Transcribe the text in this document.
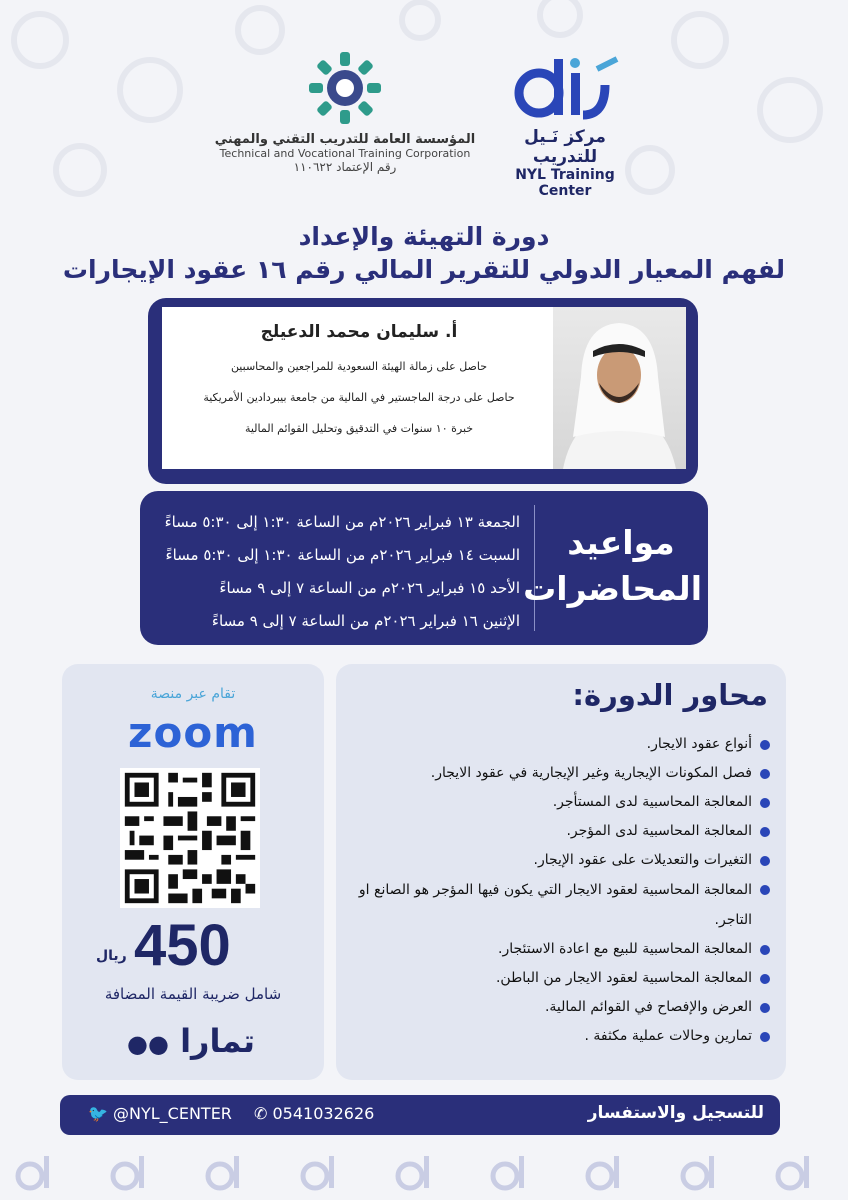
مركز نَـيل للتدريب
NYL Training Center
المؤسسة العامة للتدريب التقني والمهني
Technical and Vocational Training Corporation
رقم الإعتماد ١١٠٦٢٢
دورة التهيئة والإعداد
لفهم المعيار الدولي للتقرير المالي رقم ١٦ عقود الإيجارات
أ. سليمان محمد الدعيلج
حاصل على زمالة الهيئة السعودية للمراجعين والمحاسبين
حاصل على درجة الماجستير في المالية من جامعة بيبردادين الأمريكية
خبرة ١٠ سنوات في التدقيق وتحليل القوائم المالية
مواعيد
المحاضرات
الجمعة ١٣ فبراير ٢٠٢٦م من الساعة ١:٣٠ إلى ٥:٣٠ مساءً
السبت ١٤ فبراير ٢٠٢٦م من الساعة ١:٣٠ إلى ٥:٣٠ مساءً
الأحد ١٥ فبراير ٢٠٢٦م من الساعة ٧ إلى ٩ مساءً
الإثنين ١٦ فبراير ٢٠٢٦م من الساعة ٧ إلى ٩ مساءً
تقام عبر منصة
zoom
450
ريال
شامل ضريبة القيمة المضافة
تمارا ●●
محاور الدورة:
أنواع عقود الايجار.
فصل المكونات الإيجارية وغير الإيجارية في عقود الايجار.
المعالجة المحاسبية لدى المستأجر.
المعالجة المحاسبية لدى المؤجر.
التغيرات والتعديلات على عقود الإيجار.
المعالجة المحاسبية لعقود الايجار التي يكون فيها المؤجر هو الصانع او التاجر.
المعالجة المحاسبية للبيع مع اعادة الاستئجار.
المعالجة المحاسبية لعقود الايجار من الباطن.
العرض والإفصاح في القوائم المالية.
تمارين وحالات عملية مكثفة .
للتسجيل والاستفسار
✆ 0541032626
🐦 @NYL_CENTER
